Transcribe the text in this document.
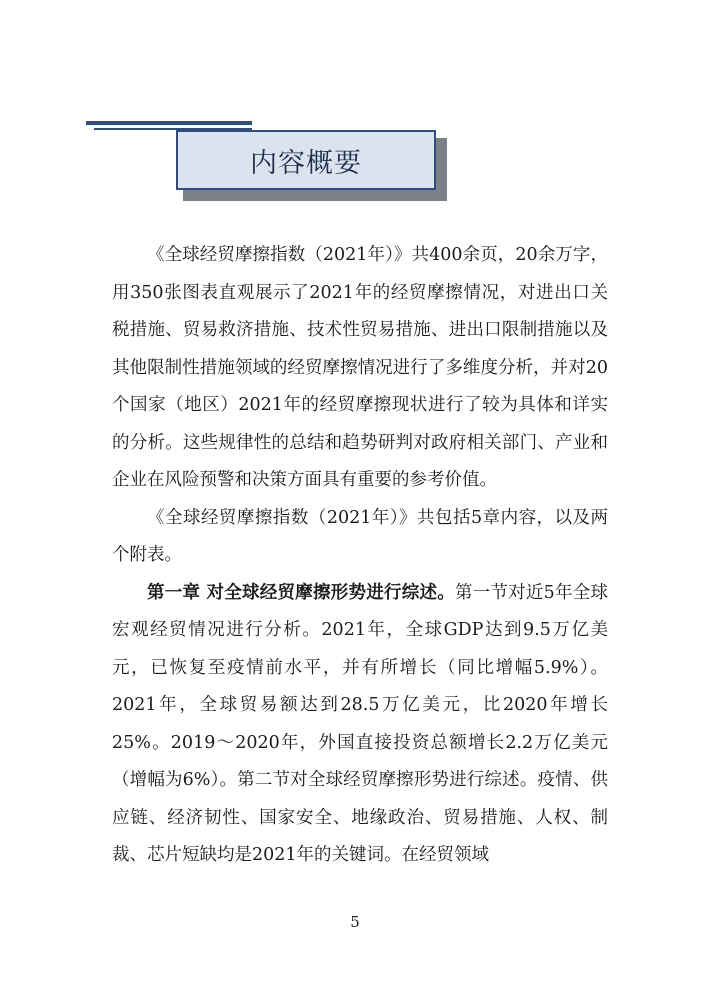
内容概要

《全球经贸摩擦指数（2021年）》共400余页，20余万字，用350张图表直观展示了2021年的经贸摩擦情况，对进出口关税措施、贸易救济措施、技术性贸易措施、进出口限制措施以及其他限制性措施领域的经贸摩擦情况进行了多维度分析，并对20个国家（地区）2021年的经贸摩擦现状进行了较为具体和详实的分析。这些规律性的总结和趋势研判对政府相关部门、产业和企业在风险预警和决策方面具有重要的参考价值。

《全球经贸摩擦指数（2021年）》共包括5章内容，以及两个附表。

第一章 对全球经贸摩擦形势进行综述。第一节对近5年全球宏观经贸情况进行分析。2021年，全球GDP达到9.5万亿美元，已恢复至疫情前水平，并有所增长（同比增幅5.9%）。2021年，全球贸易额达到28.5万亿美元，比2020年增长25%。2019～2020年，外国直接投资总额增长2.2万亿美元（增幅为6%）。第二节对全球经贸摩擦形势进行综述。疫情、供应链、经济韧性、国家安全、地缘政治、贸易措施、人权、制裁、芯片短缺均是2021年的关键词。在经贸领域

5
